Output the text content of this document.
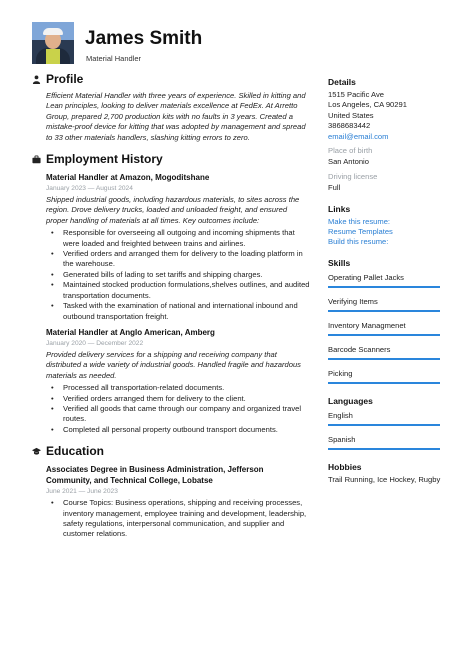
James Smith
Material Handler
Profile

Efficient Material Handler with three years of experience. Skilled in kitting and Lean principles, looking to deliver materials excellence at FedEx. At Arretto Group, prepared 2,700 production kits with no faults in 3 years. Created a mistake-proof device for kitting that was adopted by management and spread to 33 other materials handlers, slashing kitting errors to zero.

Employment History
Material Handler at Amazon, Mogoditshane
January 2023 — August 2024

Shipped industrial goods, including hazardous materials, to sites across the region. Drove delivery trucks, loaded and unloaded freight, and ensured proper handling of materials at all times. Key outcomes include:

• Responsible for overseeing all outgoing and incoming shipments that were loaded and freighted between trains and airlines.
• Verified orders and arranged them for delivery to the loading platform in the warehouse.
• Generated bills of lading to set tariffs and shipping charges.
• Maintained stocked production formulations,shelves outlines, and audited transportation documents.
• Tasked with the examination of national and international inbound and outbound transportation freight.
Material Handler at Anglo American, Amberg
January 2020 — December 2022

Provided delivery services for a shipping and receiving company that distributed a wide variety of industrial goods. Handled fragile and hazardous materials as needed.

• Processed all transportation-related documents.
• Verified orders arranged them for delivery to the client.
• Verified all goods that came through our company and organized travel routes.
• Completed all personal property outbound transport documents.
Education
Associates Degree in Business Administration, Jefferson Community, and Technical College, Lobatse
June 2021 — June 2023
• Course Topics: Business operations, shipping and receiving processes, inventory management, employee training and development, leadership, safety regulations, interpersonal communication, and supplier and customer relations.
Details
1515 Pacific Ave
Los Angeles, CA 90291
United States
3868683442
email@email.com
Place of birth
San Antonio
Driving license
Full
Links
Make this resume:
Resume Templates
Build this resume:
Skills
Operating Pallet Jacks
Verifying Items
Inventory Managmenet
Barcode Scanners
Picking
Languages
English
Spanish
Hobbies
Trail Running, Ice Hockey, Rugby
